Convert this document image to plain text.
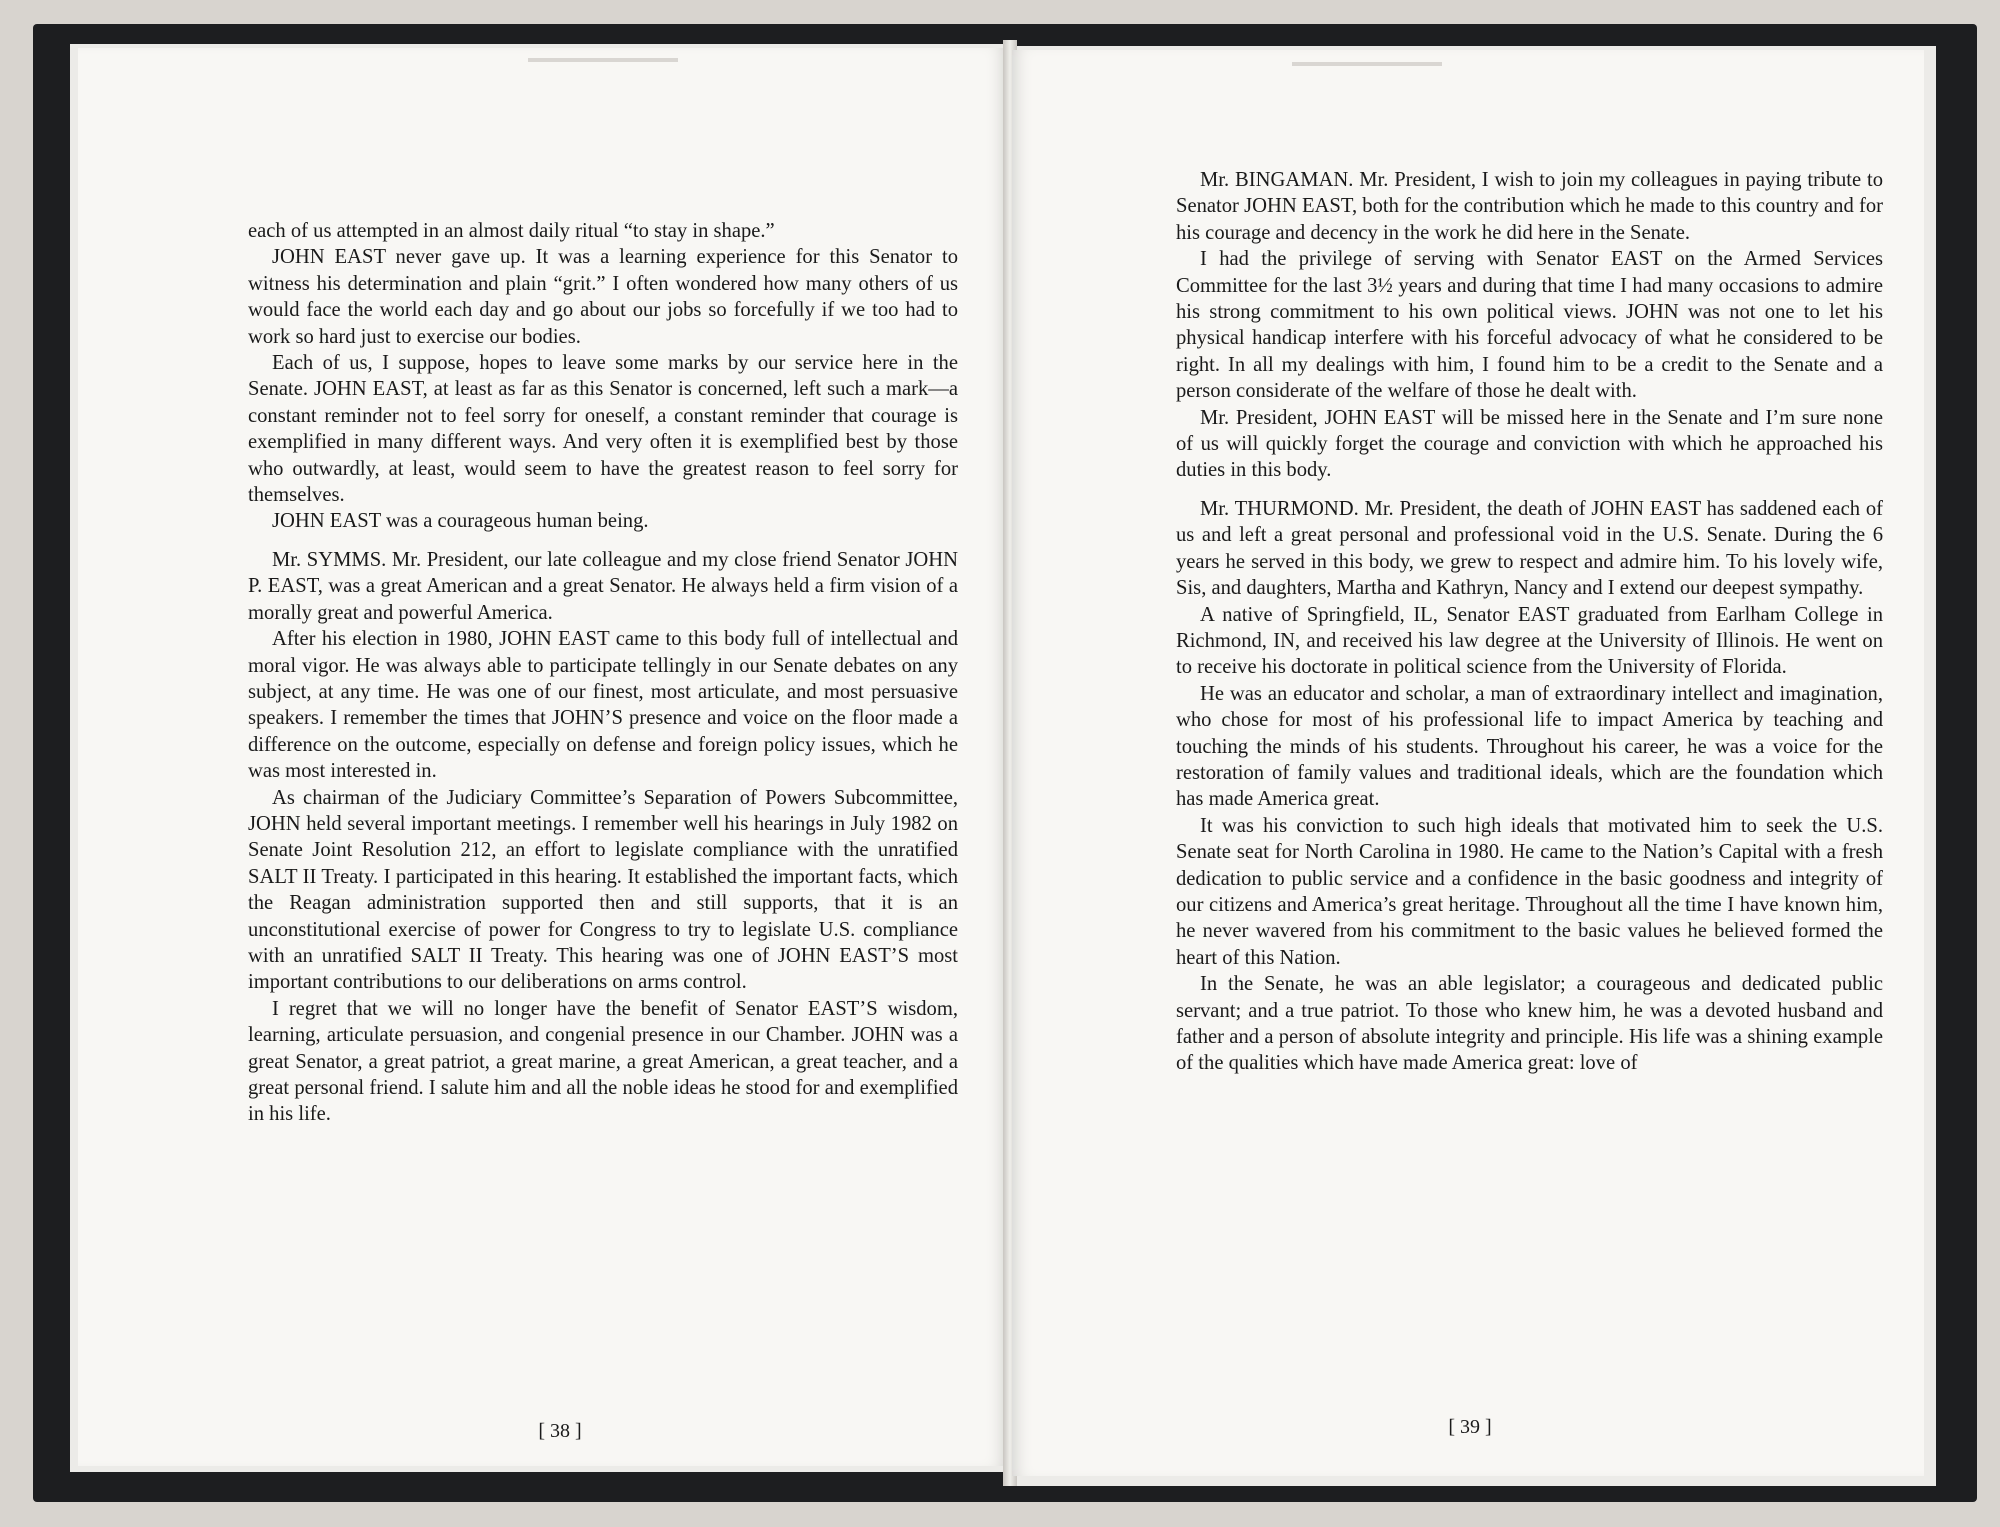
each of us attempted in an almost daily ritual “to stay in shape.”

JOHN EAST never gave up. It was a learning experience for this Senator to witness his determination and plain “grit.” I often wondered how many others of us would face the world each day and go about our jobs so forcefully if we too had to work so hard just to exercise our bodies.

Each of us, I suppose, hopes to leave some marks by our service here in the Senate. JOHN EAST, at least as far as this Senator is concerned, left such a mark—a constant reminder not to feel sorry for oneself, a constant reminder that courage is exemplified in many different ways. And very often it is exemplified best by those who outwardly, at least, would seem to have the greatest reason to feel sorry for themselves.

JOHN EAST was a courageous human being.

Mr. SYMMS. Mr. President, our late colleague and my close friend Senator JOHN P. EAST, was a great American and a great Senator. He always held a firm vision of a morally great and powerful America.

After his election in 1980, JOHN EAST came to this body full of intellectual and moral vigor. He was always able to participate tellingly in our Senate debates on any subject, at any time. He was one of our finest, most articulate, and most persuasive speakers. I remember the times that JOHN’S presence and voice on the floor made a difference on the outcome, especially on defense and foreign policy issues, which he was most interested in.

As chairman of the Judiciary Committee’s Separation of Powers Subcommittee, JOHN held several important meetings. I remember well his hearings in July 1982 on Senate Joint Resolution 212, an effort to legislate compliance with the unratified SALT II Treaty. I participated in this hearing. It established the important facts, which the Reagan administration supported then and still supports, that it is an unconstitutional exercise of power for Congress to try to legislate U.S. compliance with an unratified SALT II Treaty. This hearing was one of JOHN EAST’S most important contributions to our deliberations on arms control.

I regret that we will no longer have the benefit of Senator EAST’S wisdom, learning, articulate persuasion, and congenial presence in our Chamber. JOHN was a great Senator, a great patriot, a great marine, a great American, a great teacher, and a great personal friend. I salute him and all the noble ideas he stood for and exemplified in his life.

[ 38 ]

Mr. BINGAMAN. Mr. President, I wish to join my colleagues in paying tribute to Senator JOHN EAST, both for the contribution which he made to this country and for his courage and decency in the work he did here in the Senate.

I had the privilege of serving with Senator EAST on the Armed Services Committee for the last 3½ years and during that time I had many occasions to admire his strong commitment to his own political views. JOHN was not one to let his physical handicap interfere with his forceful advocacy of what he considered to be right. In all my dealings with him, I found him to be a credit to the Senate and a person considerate of the welfare of those he dealt with.

Mr. President, JOHN EAST will be missed here in the Senate and I’m sure none of us will quickly forget the courage and conviction with which he approached his duties in this body.

Mr. THURMOND. Mr. President, the death of JOHN EAST has saddened each of us and left a great personal and professional void in the U.S. Senate. During the 6 years he served in this body, we grew to respect and admire him. To his lovely wife, Sis, and daughters, Martha and Kathryn, Nancy and I extend our deepest sympathy.

A native of Springfield, IL, Senator EAST graduated from Earlham College in Richmond, IN, and received his law degree at the University of Illinois. He went on to receive his doctorate in political science from the University of Florida.

He was an educator and scholar, a man of extraordinary intellect and imagination, who chose for most of his professional life to impact America by teaching and touching the minds of his students. Throughout his career, he was a voice for the restoration of family values and traditional ideals, which are the foundation which has made America great.

It was his conviction to such high ideals that motivated him to seek the U.S. Senate seat for North Carolina in 1980. He came to the Nation’s Capital with a fresh dedication to public service and a confidence in the basic goodness and integrity of our citizens and America’s great heritage. Throughout all the time I have known him, he never wavered from his commitment to the basic values he believed formed the heart of this Nation.

In the Senate, he was an able legislator; a courageous and dedicated public servant; and a true patriot. To those who knew him, he was a devoted husband and father and a person of absolute integrity and principle. His life was a shining example of the qualities which have made America great: love of

[ 39 ]
